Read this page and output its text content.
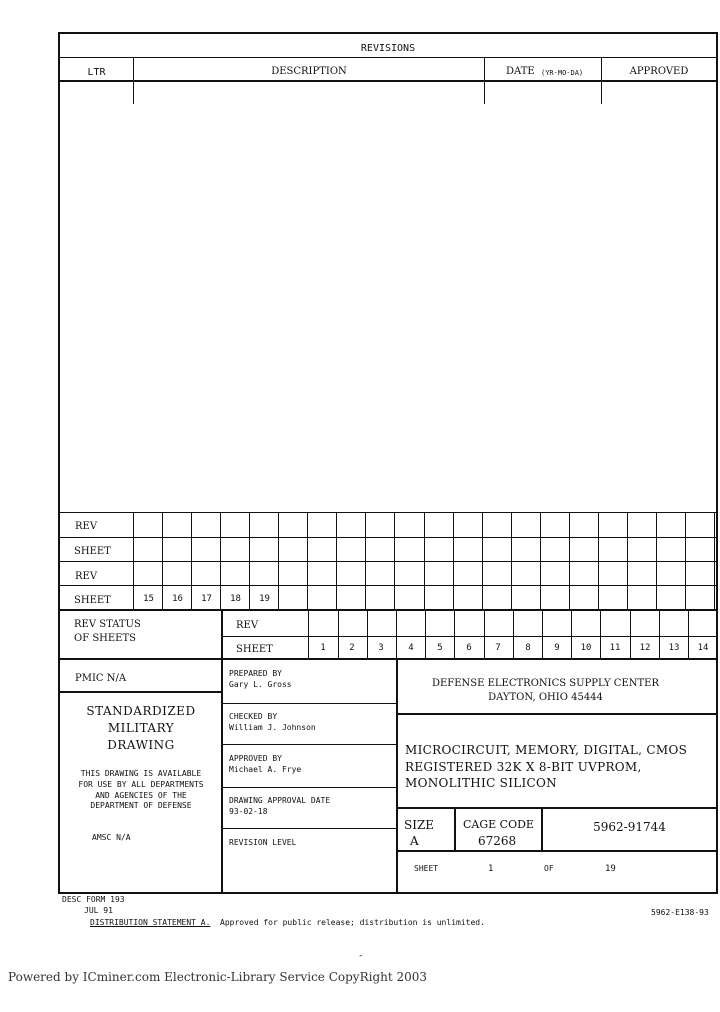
REVISIONS
LTR	DESCRIPTION	DATE (YR-MO-DA)	APPROVED
REV
SHEET
REV
SHEET	15	16	17	18	19
REV STATUS
OF SHEETS
REV
SHEET	1	2	3	4	5	6	7	8	9	10	11	12	13	14
PMIC N/A
STANDARDIZED
MILITARY
DRAWING
THIS DRAWING IS AVAILABLE
FOR USE BY ALL DEPARTMENTS
AND AGENCIES OF THE
DEPARTMENT OF DEFENSE
AMSC N/A
PREPARED BY
Gary L. Gross
CHECKED BY
William J. Johnson
APPROVED BY
Michael A. Frye
DRAWING APPROVAL DATE
93-02-18
REVISION LEVEL
DEFENSE ELECTRONICS SUPPLY CENTER
DAYTON, OHIO 45444
MICROCIRCUIT, MEMORY, DIGITAL, CMOS
REGISTERED 32K X 8-BIT UVPROM,
MONOLITHIC SILICON
SIZE
A
CAGE CODE
67268
5962-91744
SHEET	1	OF	19
DESC FORM 193
JUL 91	5962-E138-93
DISTRIBUTION STATEMENT A. Approved for public release; distribution is unlimited.
-
Powered by ICminer.com Electronic-Library Service CopyRight 2003
